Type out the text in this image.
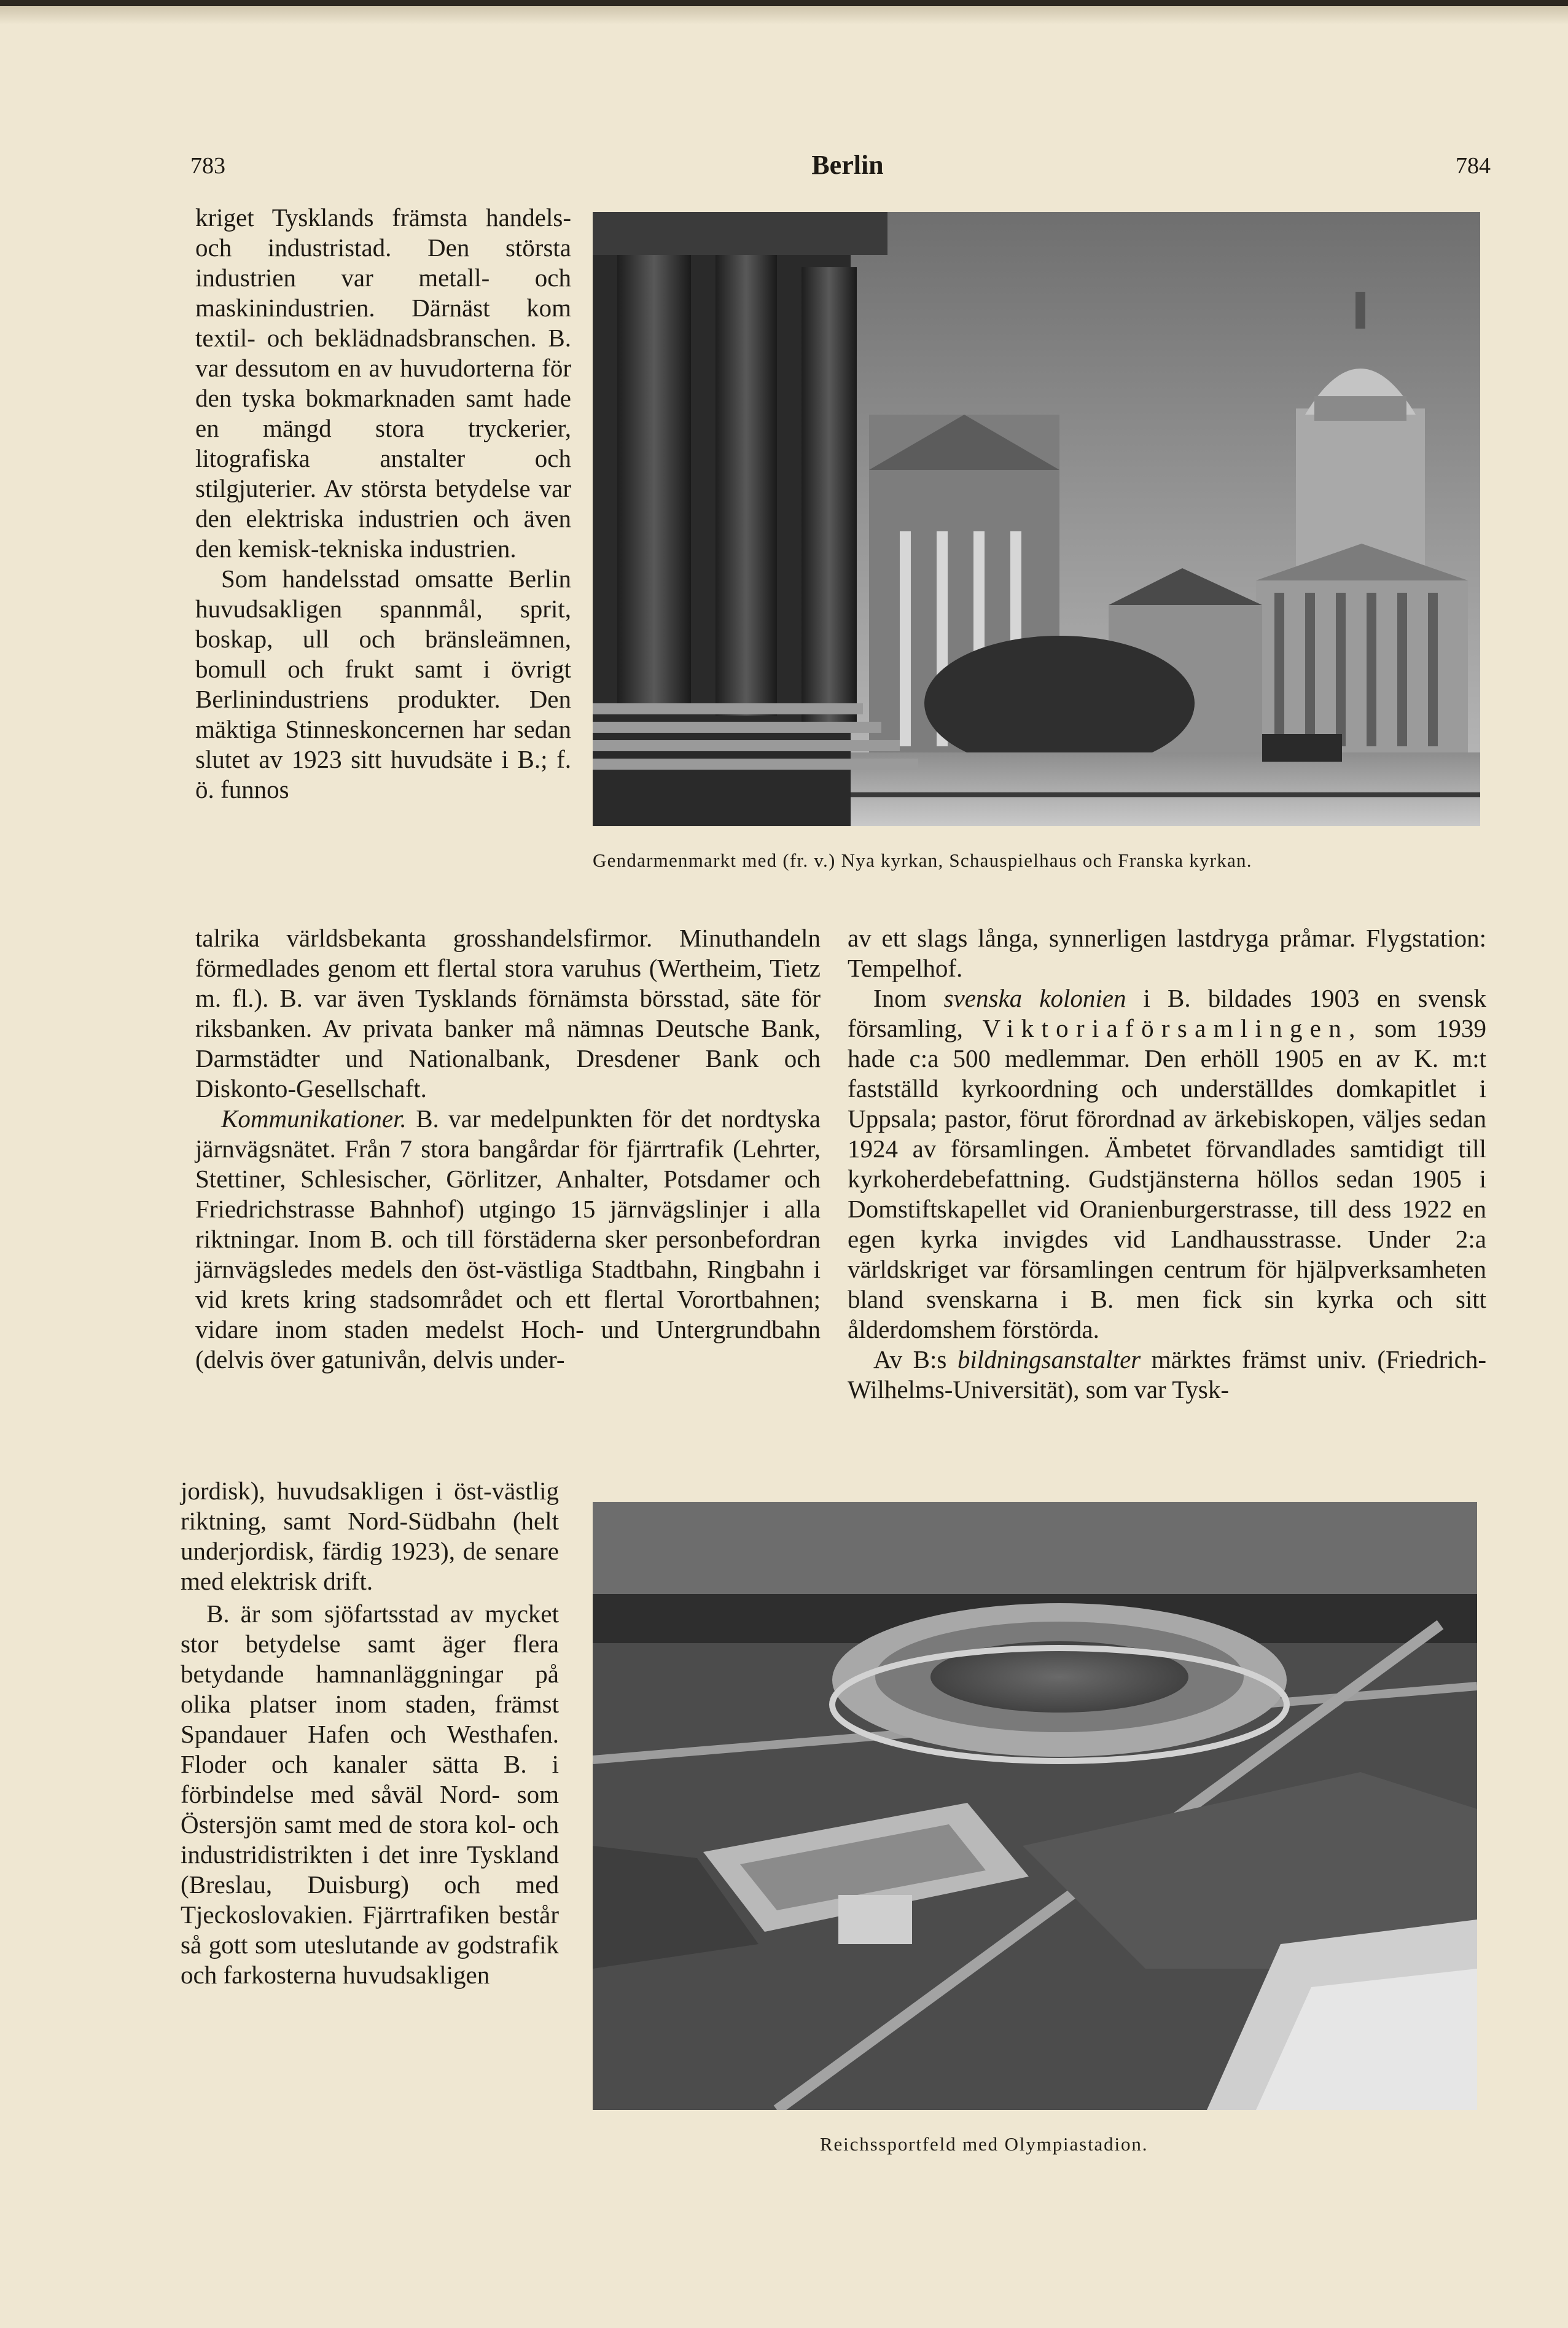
783	Berlin	784

kriget Tysklands främsta handels- och industristad. Den största industrien var metall- och maskinindustrien. Därnäst kom textil- och beklädnadsbranschen. B. var dessutom en av huvudorterna för den tyska bokmarknaden samt hade en mängd stora tryckerier, litografiska anstalter och stilgjuterier. Av största betydelse var den elektriska industrien och även den kemisk-tekniska industrien.

Som handelsstad omsatte Berlin huvudsakligen spannmål, sprit, boskap, ull och bränsleämnen, bomull och frukt samt i övrigt Berlinindustriens produkter. Den mäktiga Stinneskoncernen har sedan slutet av 1923 sitt huvudsäte i B.; f. ö. funnos

talrika världsbekanta grosshandelsfirmor. Minuthandeln förmedlades genom ett flertal stora varuhus (Wertheim, Tietz m. fl.). B. var även Tysklands förnämsta börsstad, säte för riksbanken. Av privata banker må nämnas Deutsche Bank, Darmstädter und Nationalbank, Dresdener Bank och Diskonto-Gesellschaft.

Kommunikationer. B. var medelpunkten för det nordtyska järnvägsnätet. Från 7 stora bangårdar för fjärrtrafik (Lehrter, Stettiner, Schlesischer, Görlitzer, Anhalter, Potsdamer och Friedrichstrasse Bahnhof) utgingo 15 järnvägslinjer i alla riktningar. Inom B. och till förstäderna sker personbefordran järnvägsledes medels den öst-västliga Stadtbahn, Ringbahn i vid krets kring stadsområdet och ett flertal Vorortbahnen; vidare inom staden medelst Hoch- und Untergrundbahn (delvis över gatunivån, delvis under-

jordisk), huvudsakligen i öst-västlig riktning, samt Nord-Südbahn (helt underjordisk, färdig 1923), de senare med elektrisk drift.

B. är som sjöfartsstad av mycket stor betydelse samt äger flera betydande hamnanläggningar på olika platser inom staden, främst Spandauer Hafen och Westhafen. Floder och kanaler sätta B. i förbindelse med såväl Nord- som Östersjön samt med de stora kol- och industridistrikten i det inre Tyskland (Breslau, Duisburg) och med Tjeckoslovakien. Fjärrtrafiken består så gott som uteslutande av godstrafik och farkosterna huvudsakligen

av ett slags långa, synnerligen lastdryga pråmar. Flygstation: Tempelhof.

Inom svenska kolonien i B. bildades 1903 en svensk församling, Viktoriaförsamlingen, som 1939 hade c:a 500 medlemmar. Den erhöll 1905 en av K. m:t fastställd kyrkoordning och underställdes domkapitlet i Uppsala; pastor, förut förordnad av ärkebiskopen, väljes sedan 1924 av församlingen. Ämbetet förvandlades samtidigt till kyrkoherdebefattning. Gudstjänsterna höllos sedan 1905 i Domstiftskapellet vid Oranienburgerstrasse, till dess 1922 en egen kyrka invigdes vid Landhausstrasse. Under 2:a världskriget var församlingen centrum för hjälpverksamheten bland svenskarna i B. men fick sin kyrka och sitt ålderdomshem förstörda.

Av B:s bildningsanstalter märktes främst univ. (Friedrich-Wilhelms-Universität), som var Tysk-

Gendarmenmarkt med (fr. v.) Nya kyrkan, Schauspielhaus och Franska kyrkan.
Reichssportfeld med Olympiastadion.
